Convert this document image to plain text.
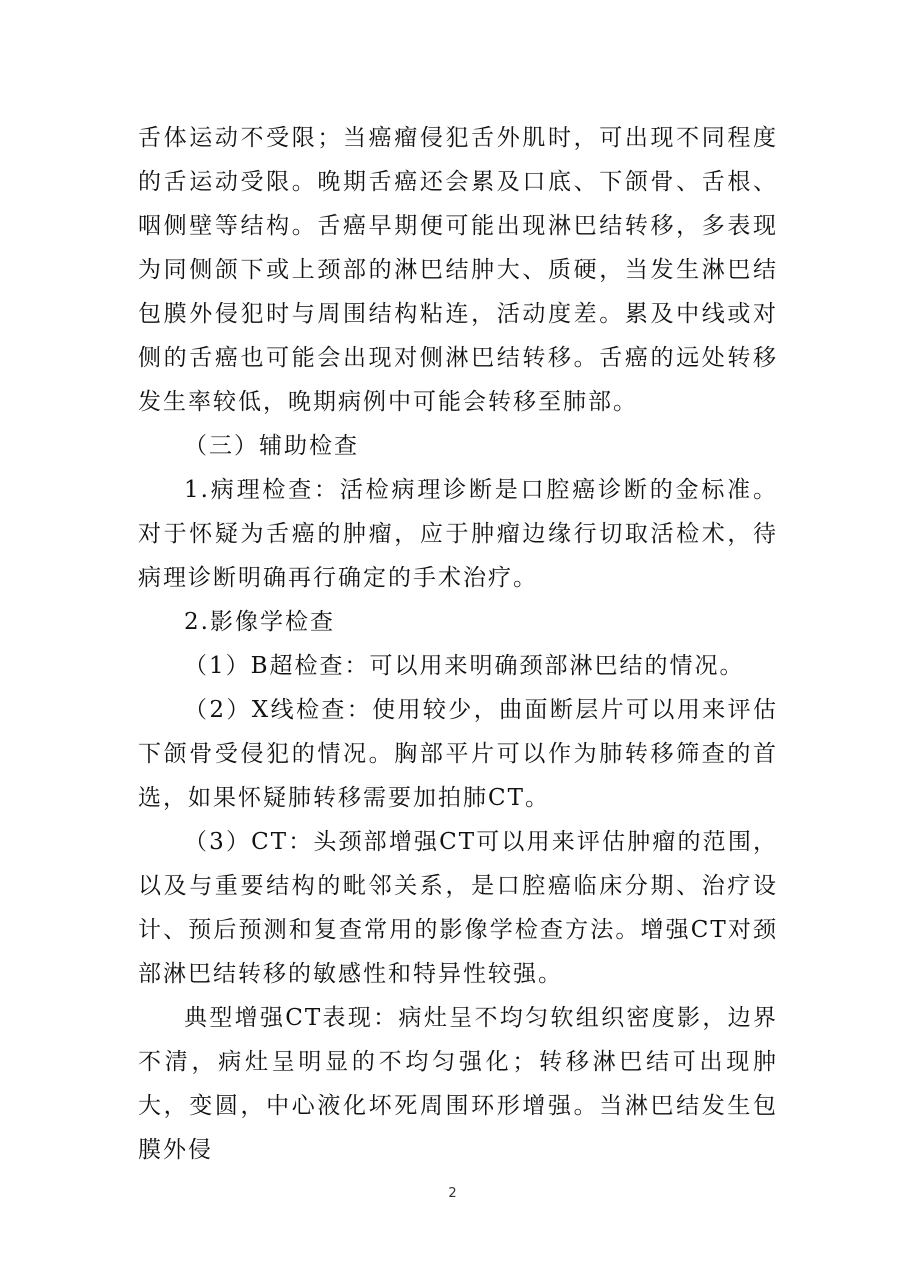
舌体运动不受限；当癌瘤侵犯舌外肌时，可出现不同程度的舌运动受限。晚期舌癌还会累及口底、下颌骨、舌根、咽侧壁等结构。舌癌早期便可能出现淋巴结转移，多表现为同侧颌下或上颈部的淋巴结肿大、质硬，当发生淋巴结包膜外侵犯时与周围结构粘连，活动度差。累及中线或对侧的舌癌也可能会出现对侧淋巴结转移。舌癌的远处转移发生率较低，晚期病例中可能会转移至肺部。

（三）辅助检查

1.病理检查：活检病理诊断是口腔癌诊断的金标准。对于怀疑为舌癌的肿瘤，应于肿瘤边缘行切取活检术，待病理诊断明确再行确定的手术治疗。

2.影像学检查

（1）B超检查：可以用来明确颈部淋巴结的情况。

（2）X线检查：使用较少，曲面断层片可以用来评估下颌骨受侵犯的情况。胸部平片可以作为肺转移筛查的首选，如果怀疑肺转移需要加拍肺CT。

（3）CT：头颈部增强CT可以用来评估肿瘤的范围，以及与重要结构的毗邻关系，是口腔癌临床分期、治疗设计、预后预测和复查常用的影像学检查方法。增强CT对颈部淋巴结转移的敏感性和特异性较强。

典型增强CT表现：病灶呈不均匀软组织密度影，边界不清，病灶呈明显的不均匀强化；转移淋巴结可出现肿大，变圆，中心液化坏死周围环形增强。当淋巴结发生包膜外侵

2
